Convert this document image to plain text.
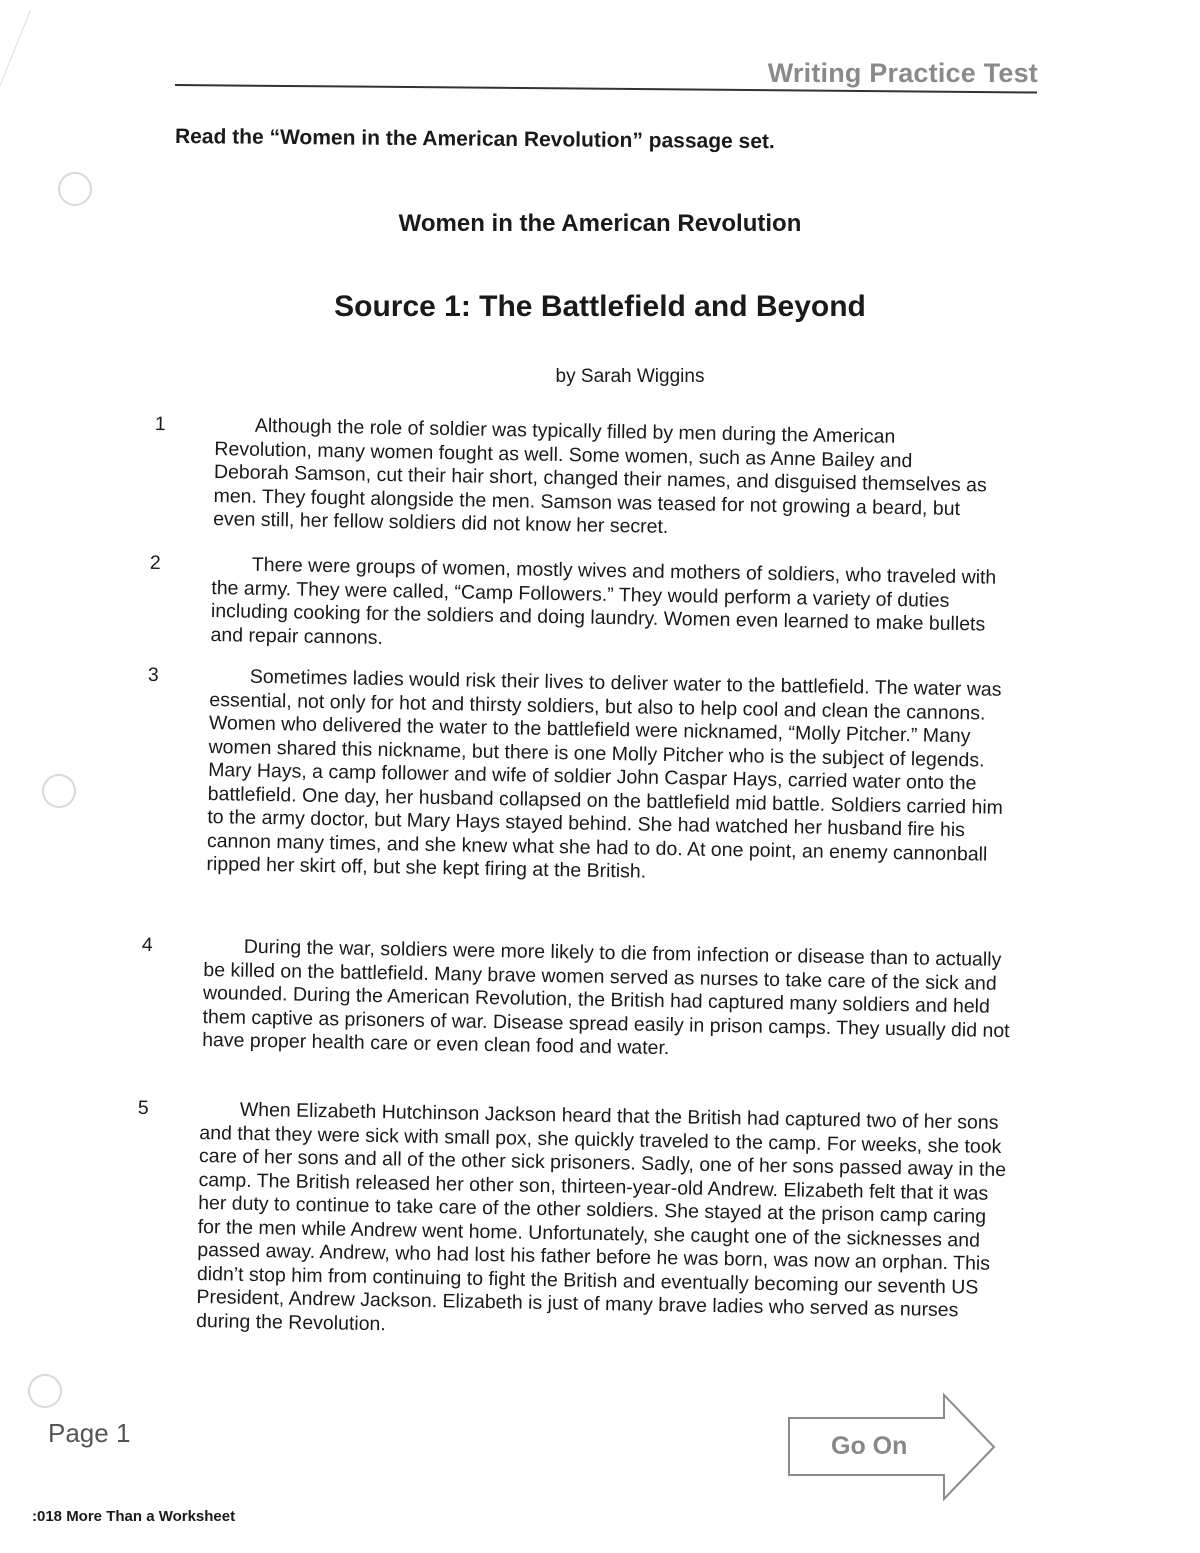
Writing Practice Test
Read the “Women in the American Revolution” passage set.
Women in the American Revolution
Source 1: The Battlefield and Beyond
by Sarah Wiggins
1	Although the role of soldier was typically filled by men during the American Revolution, many women fought as well. Some women, such as Anne Bailey and Deborah Samson, cut their hair short, changed their names, and disguised themselves as men. They fought alongside the men. Samson was teased for not growing a beard, but even still, her fellow soldiers did not know her secret.

2	There were groups of women, mostly wives and mothers of soldiers, who traveled with the army. They were called, “Camp Followers.” They would perform a variety of duties including cooking for the soldiers and doing laundry. Women even learned to make bullets and repair cannons.

3	Sometimes ladies would risk their lives to deliver water to the battlefield. The water was essential, not only for hot and thirsty soldiers, but also to help cool and clean the cannons. Women who delivered the water to the battlefield were nicknamed, “Molly Pitcher.” Many women shared this nickname, but there is one Molly Pitcher who is the subject of legends. Mary Hays, a camp follower and wife of soldier John Caspar Hays, carried water onto the battlefield. One day, her husband collapsed on the battlefield mid battle. Soldiers carried him to the army doctor, but Mary Hays stayed behind. She had watched her husband fire his cannon many times, and she knew what she had to do. At one point, an enemy cannonball ripped her skirt off, but she kept firing at the British.

4	During the war, soldiers were more likely to die from infection or disease than to actually be killed on the battlefield. Many brave women served as nurses to take care of the sick and wounded. During the American Revolution, the British had captured many soldiers and held them captive as prisoners of war. Disease spread easily in prison camps. They usually did not have proper health care or even clean food and water.

5	When Elizabeth Hutchinson Jackson heard that the British had captured two of her sons and that they were sick with small pox, she quickly traveled to the camp. For weeks, she took care of her sons and all of the other sick prisoners. Sadly, one of her sons passed away in the camp. The British released her other son, thirteen-year-old Andrew. Elizabeth felt that it was her duty to continue to take care of the other soldiers. She stayed at the prison camp caring for the men while Andrew went home. Unfortunately, she caught one of the sicknesses and passed away. Andrew, who had lost his father before he was born, was now an orphan. This didn’t stop him from continuing to fight the British and eventually becoming our seventh US President, Andrew Jackson. Elizabeth is just of many brave ladies who served as nurses during the Revolution.

Page 1	Go On
:018 More Than a Worksheet
